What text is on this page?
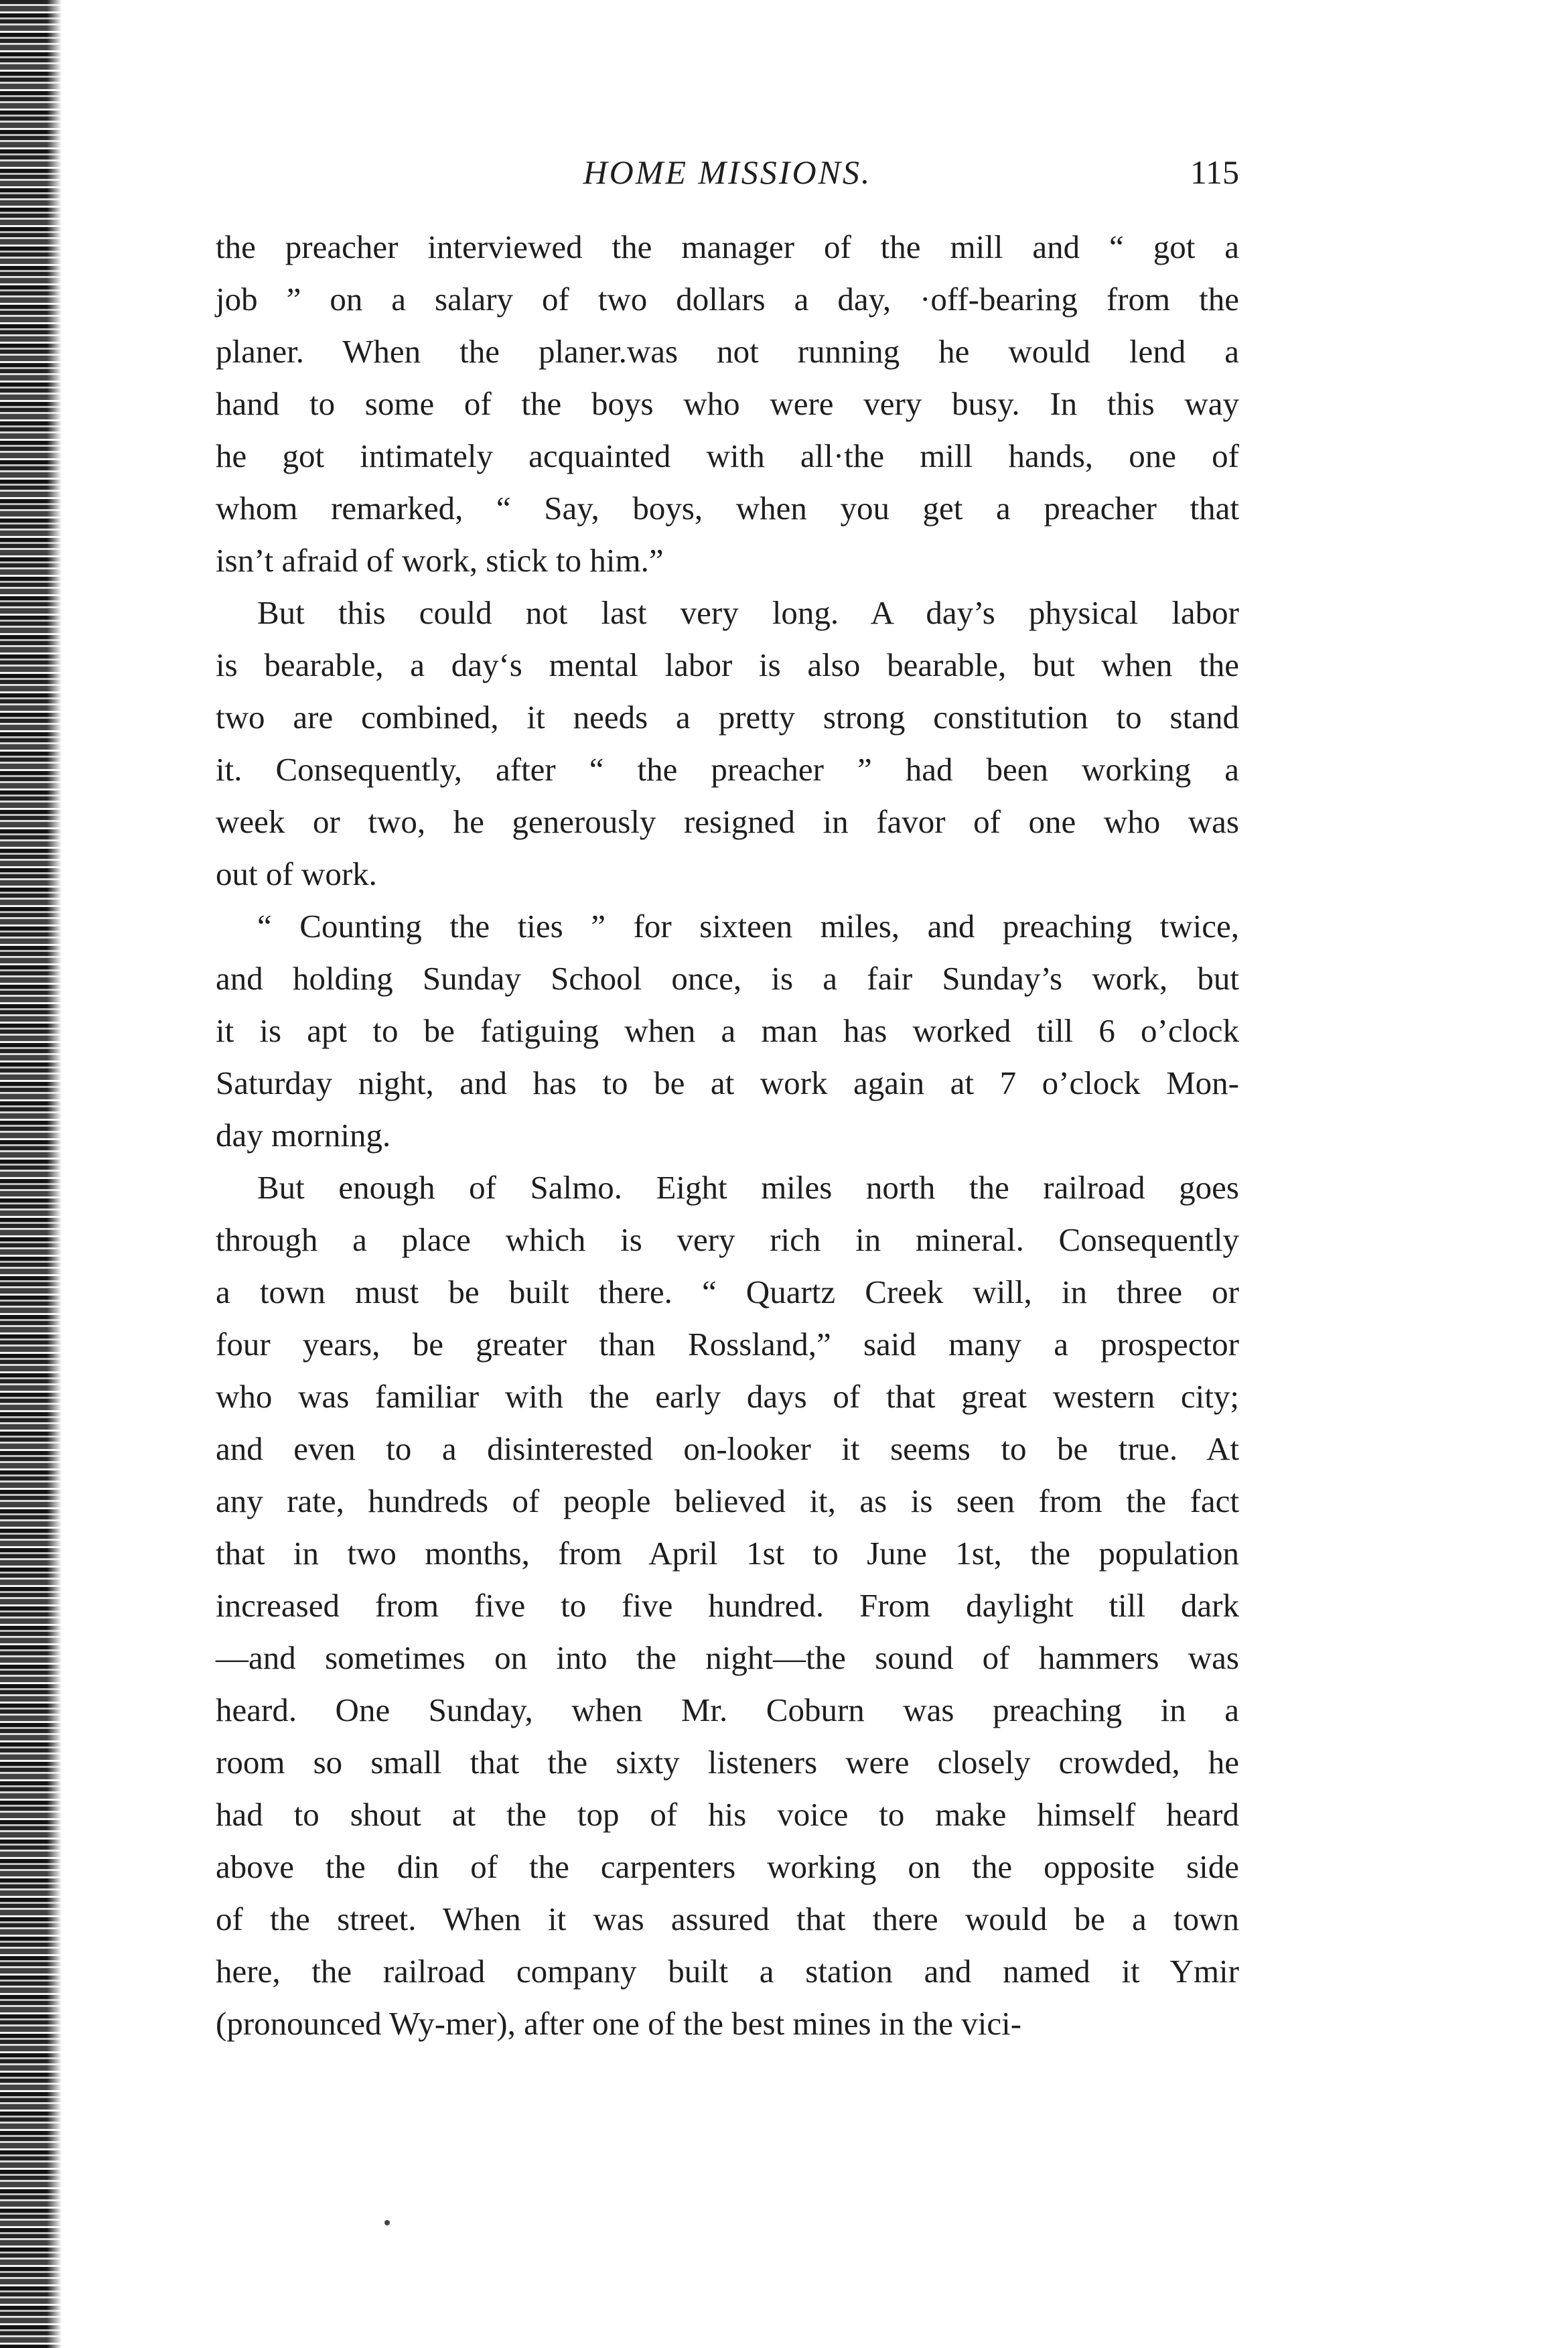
HOME MISSIONS.	115
the preacher interviewed the manager of the mill and “ got a
job ” on a salary of two dollars a day, ·off-bearing from the
planer. When the planer.was not running he would lend a
hand to some of the boys who were very busy. In this way
he got intimately acquainted with all·the mill hands, one of
whom remarked, “ Say, boys, when you get a preacher that
isn’t afraid of work, stick to him.”
But this could not last very long. A day’s physical labor
is bearable, a day‘s mental labor is also bearable, but when the
two are combined, it needs a pretty strong constitution to stand
it. Consequently, after “ the preacher ” had been working a
week or two, he generously resigned in favor of one who was
out of work.
“ Counting the ties ” for sixteen miles, and preaching twice,
and holding Sunday School once, is a fair Sunday’s work, but
it is apt to be fatiguing when a man has worked till 6 o’clock
Saturday night, and has to be at work again at 7 o’clock Mon-
day morning.
But enough of Salmo. Eight miles north the railroad goes
through a place which is very rich in mineral. Consequently
a town must be built there. “ Quartz Creek will, in three or
four years, be greater than Rossland,” said many a prospector
who was familiar with the early days of that great western city;
and even to a disinterested on-looker it seems to be true. At
any rate, hundreds of people believed it, as is seen from the fact
that in two months, from April 1st to June 1st, the population
increased from five to five hundred. From daylight till dark
—and sometimes on into the night—the sound of hammers was
heard. One Sunday, when Mr. Coburn was preaching in a
room so small that the sixty listeners were closely crowded, he
had to shout at the top of his voice to make himself heard
above the din of the carpenters working on the opposite side
of the street. When it was assured that there would be a town
here, the railroad company built a station and named it Ymir
(pronounced Wy-mer), after one of the best mines in the vici-
